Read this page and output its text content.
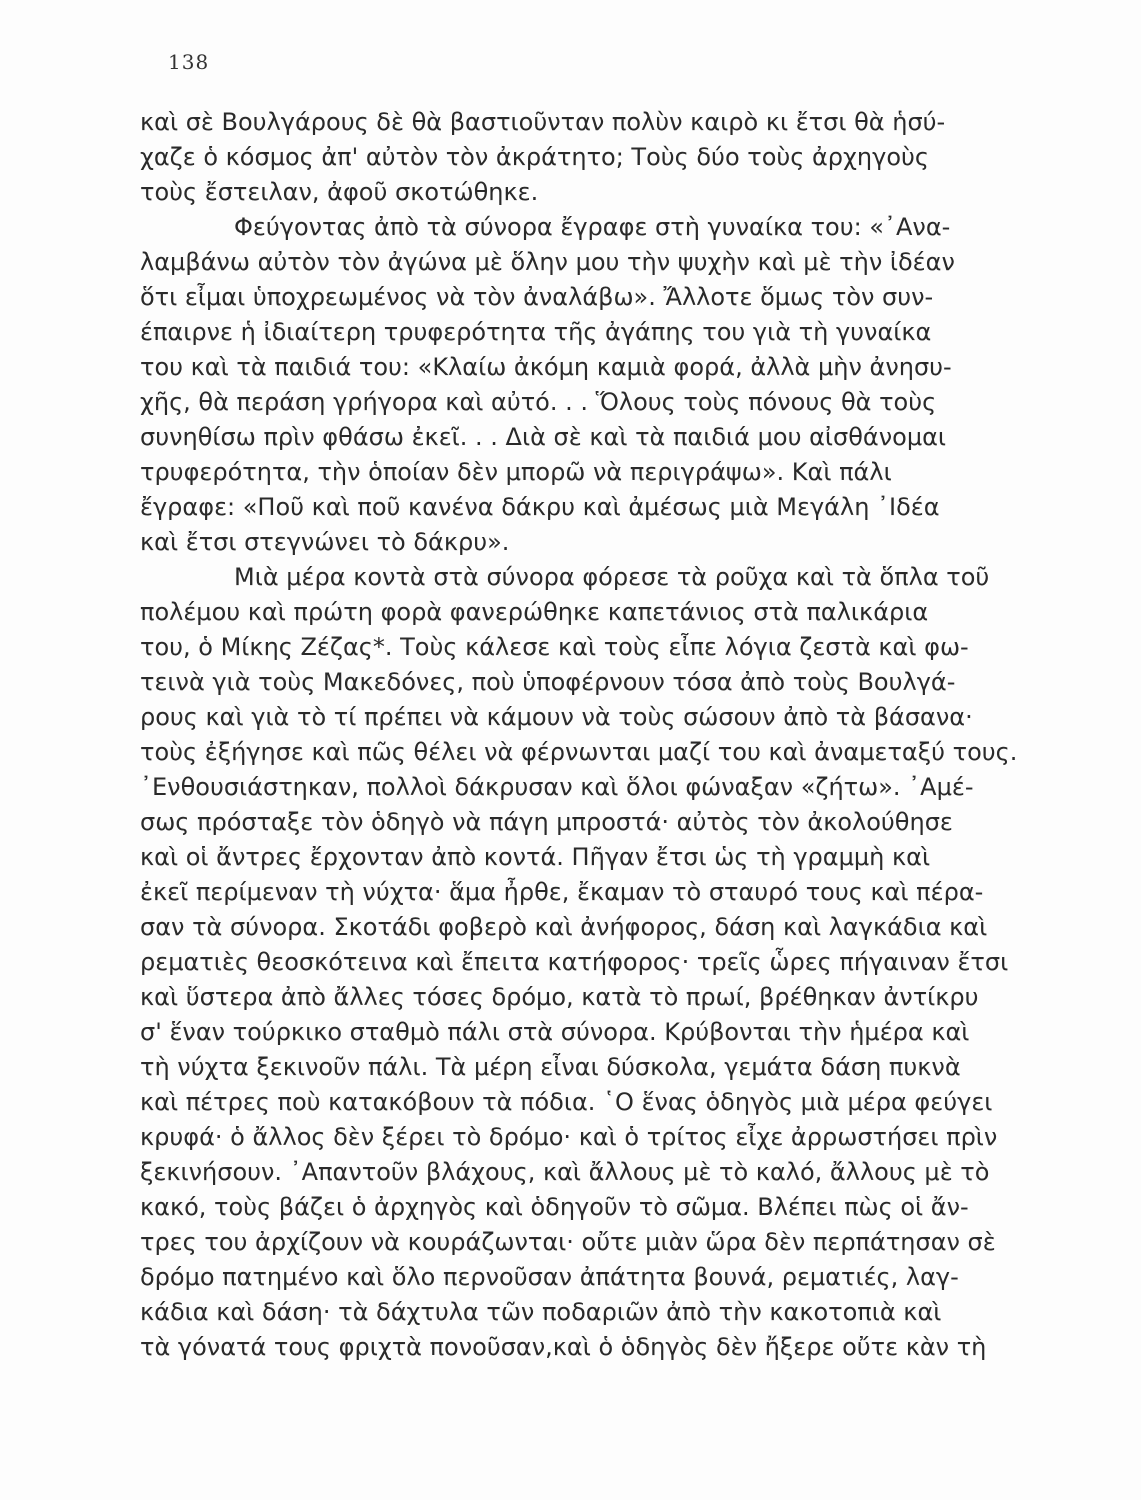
138
καὶ σὲ Βουλγάρους δὲ θὰ βαστιοῦνταν πολὺν καιρὸ κι ἔτσι θὰ ἡσύ-
χαζε ὁ κόσμος ἀπ' αὐτὸν τὸν ἀκράτητο; Τοὺς δύο τοὺς ἀρχηγοὺς
τοὺς ἔστειλαν, ἀφοῦ σκοτώθηκε.
Φεύγοντας ἀπὸ τὰ σύνορα ἔγραφε στὴ γυναίκα του: «᾿Ανα-
λαμβάνω αὐτὸν τὸν ἀγώνα μὲ ὅλην μου τὴν ψυχὴν καὶ μὲ τὴν ἰδέαν
ὅτι εἶμαι ὑποχρεωμένος νὰ τὸν ἀναλάβω». Ἄλλοτε ὅμως τὸν συν-
έπαιρνε ἡ ἰδιαίτερη τρυφερότητα τῆς ἀγάπης του γιὰ τὴ γυναίκα
του καὶ τὰ παιδιά του: «Κλαίω ἀκόμη καμιὰ φορά, ἀλλὰ μὴν ἀνησυ-
χῆς, θὰ περάση γρήγορα καὶ αὐτό. . . Ὅλους τοὺς πόνους θὰ τοὺς
συνηθίσω πρὶν φθάσω ἐκεῖ. . . Διὰ σὲ καὶ τὰ παιδιά μου αἰσθάνομαι
τρυφερότητα, τὴν ὁποίαν δὲν μπορῶ νὰ περιγράψω». Καὶ πάλι
ἔγραφε: «Ποῦ καὶ ποῦ κανένα δάκρυ καὶ ἀμέσως μιὰ Μεγάλη ᾿Ιδέα
καὶ ἔτσι στεγνώνει τὸ δάκρυ».
Μιὰ μέρα κοντὰ στὰ σύνορα φόρεσε τὰ ροῦχα καὶ τὰ ὅπλα τοῦ
πολέμου καὶ πρώτη φορὰ φανερώθηκε καπετάνιος στὰ παλικάρια
του, ὁ Μίκης Ζέζας*. Τοὺς κάλεσε καὶ τοὺς εἶπε λόγια ζεστὰ καὶ φω-
τεινὰ γιὰ τοὺς Μακεδόνες, ποὺ ὑποφέρνουν τόσα ἀπὸ τοὺς Βουλγά-
ρους καὶ γιὰ τὸ τί πρέπει νὰ κάμουν νὰ τοὺς σώσουν ἀπὸ τὰ βάσανα·
τοὺς ἐξήγησε καὶ πῶς θέλει νὰ φέρνωνται μαζί του καὶ ἀναμεταξύ τους.
᾿Ενθουσιάστηκαν, πολλοὶ δάκρυσαν καὶ ὅλοι φώναξαν «ζήτω». ᾿Αμέ-
σως πρόσταξε τὸν ὁδηγὸ νὰ πάγη μπροστά· αὐτὸς τὸν ἀκολούθησε
καὶ οἱ ἄντρες ἔρχονταν ἀπὸ κοντά. Πῆγαν ἔτσι ὡς τὴ γραμμὴ καὶ
ἐκεῖ περίμεναν τὴ νύχτα· ἅμα ἦρθε, ἔκαμαν τὸ σταυρό τους καὶ πέρα-
σαν τὰ σύνορα. Σκοτάδι φοβερὸ καὶ ἀνήφορος, δάση καὶ λαγκάδια καὶ
ρεματιὲς θεοσκότεινα καὶ ἔπειτα κατήφορος· τρεῖς ὧρες πήγαιναν ἔτσι
καὶ ὕστερα ἀπὸ ἄλλες τόσες δρόμο, κατὰ τὸ πρωί, βρέθηκαν ἀντίκρυ
σ' ἕναν τούρκικο σταθμὸ πάλι στὰ σύνορα. Κρύβονται τὴν ἡμέρα καὶ
τὴ νύχτα ξεκινοῦν πάλι. Τὰ μέρη εἶναι δύσκολα, γεμάτα δάση πυκνὰ
καὶ πέτρες ποὺ κατακόβουν τὰ πόδια. ῾Ο ἕνας ὁδηγὸς μιὰ μέρα φεύγει
κρυφά· ὁ ἄλλος δὲν ξέρει τὸ δρόμο· καὶ ὁ τρίτος εἶχε ἀρρωστήσει πρὶν
ξεκινήσουν. ᾿Απαντοῦν βλάχους, καὶ ἄλλους μὲ τὸ καλό, ἄλλους μὲ τὸ
κακό, τοὺς βάζει ὁ ἀρχηγὸς καὶ ὁδηγοῦν τὸ σῶμα. Βλέπει πὼς οἱ ἄν-
τρες του ἀρχίζουν νὰ κουράζωνται· οὔτε μιὰν ὥρα δὲν περπάτησαν σὲ
δρόμο πατημένο καὶ ὅλο περνοῦσαν ἀπάτητα βουνά, ρεματιές, λαγ-
κάδια καὶ δάση· τὰ δάχτυλα τῶν ποδαριῶν ἀπὸ τὴν κακοτοπιὰ καὶ
τὰ γόνατά τους φριχτὰ πονοῦσαν,καὶ ὁ ὁδηγὸς δὲν ἤξερε οὔτε κὰν τὴ
